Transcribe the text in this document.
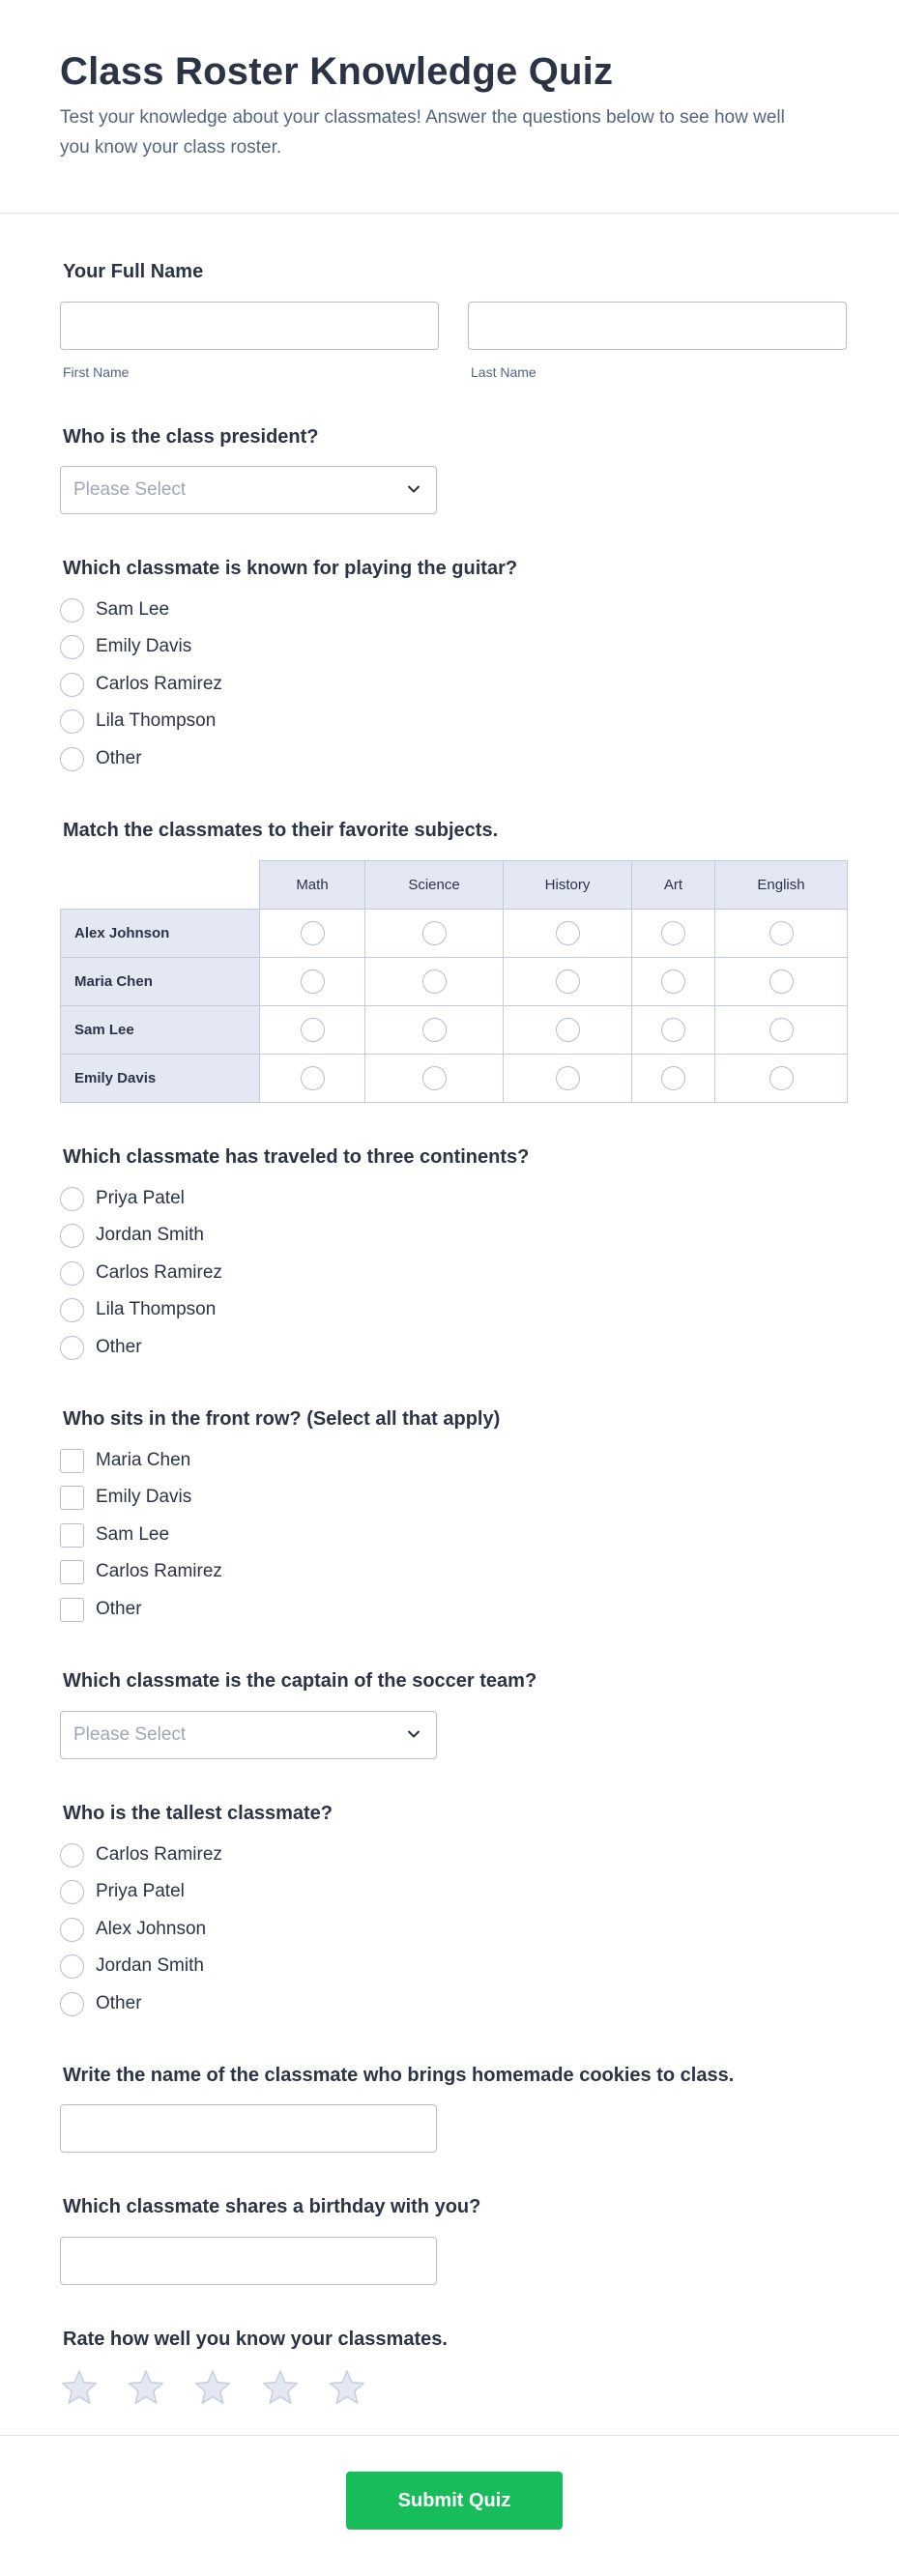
Class Roster Knowledge Quiz

Test your knowledge about your classmates! Answer the questions below to see how well you know your class roster.

Your Full Name
First Name	Last Name
Who is the class president?
Please Select
Which classmate is known for playing the guitar?
Sam Lee
Emily Davis
Carlos Ramirez
Lila Thompson
Other
Match the classmates to their favorite subjects.
	Math	Science	History	Art	English
Alex Johnson					
Maria Chen					
Sam Lee					
Emily Davis					
Which classmate has traveled to three continents?
Priya Patel
Jordan Smith
Carlos Ramirez
Lila Thompson
Other
Who sits in the front row? (Select all that apply)
Maria Chen
Emily Davis
Sam Lee
Carlos Ramirez
Other
Which classmate is the captain of the soccer team?
Please Select
Who is the tallest classmate?
Carlos Ramirez
Priya Patel
Alex Johnson
Jordan Smith
Other
Write the name of the classmate who brings homemade cookies to class.
Which classmate shares a birthday with you?
Rate how well you know your classmates.
Submit Quiz
